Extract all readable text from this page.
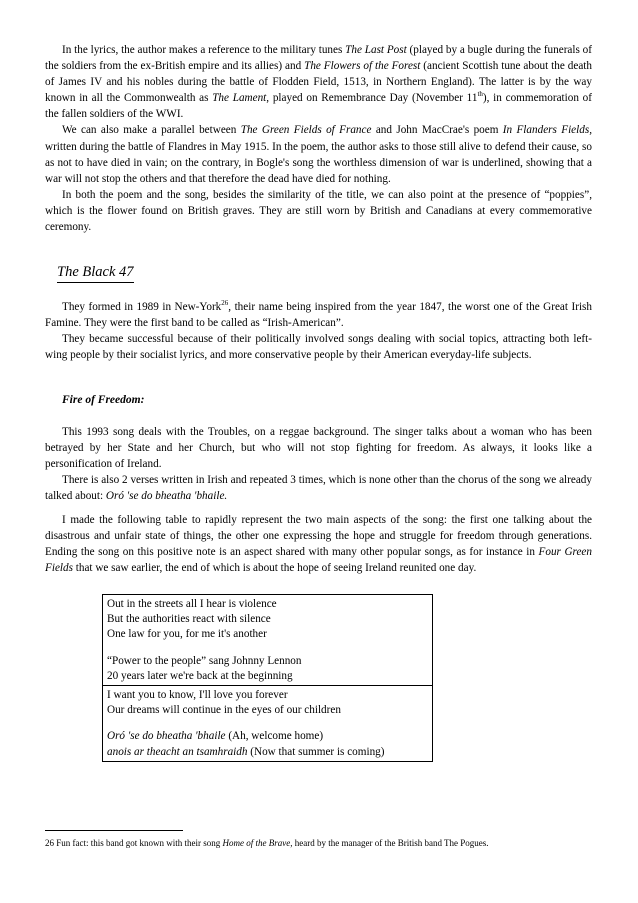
In the lyrics, the author makes a reference to the military tunes The Last Post (played by a bugle during the funerals of the soldiers from the ex-British empire and its allies) and The Flowers of the Forest (ancient Scottish tune about the death of James IV and his nobles during the battle of Flodden Field, 1513, in Northern England). The latter is by the way known in all the Commonwealth as The Lament, played on Remembrance Day (November 11th), in commemoration of the fallen soldiers of the WWI.

We can also make a parallel between The Green Fields of France and John MacCrae's poem In Flanders Fields, written during the battle of Flandres in May 1915. In the poem, the author asks to those still alive to defend their cause, so as not to have died in vain; on the contrary, in Bogle's song the worthless dimension of war is underlined, showing that a war will not stop the others and that therefore the dead have died for nothing.

In both the poem and the song, besides the similarity of the title, we can also point at the presence of “poppies”, which is the flower found on British graves. They are still worn by British and Canadians at every commemorative ceremony.

The Black 47

They formed in 1989 in New-York$^{26}$, their name being inspired from the year 1847, the worst one of the Great Irish Famine. They were the first band to be called as “Irish-American”.

They became successful because of their politically involved songs dealing with social topics, attracting both left-wing people by their socialist lyrics, and more conservative people by their American everyday-life subjects.

Fire of Freedom:

This 1993 song deals with the Troubles, on a reggae background. The singer talks about a woman who has been betrayed by her State and her Church, but who will not stop fighting for freedom. As always, it looks like a personification of Ireland.

There is also 2 verses written in Irish and repeated 3 times, which is none other than the chorus of the song we already talked about: Oró 'se do bheatha 'bhaile.

I made the following table to rapidly represent the two main aspects of the song: the first one talking about the disastrous and unfair state of things, the other one expressing the hope and struggle for freedom through generations. Ending the song on this positive note is an aspect shared with many other popular songs, as for instance in Four Green Fields that we saw earlier, the end of which is about the hope of seeing Ireland reunited one day.

Out in the streets all I hear is violence
But the authorities react with silence
One law for you, for me it's another
“Power to the people” sang Johnny Lennon
20 years later we're back at the beginning
I want you to know, I'll love you forever
Our dreams will continue in the eyes of our children
Oró 'se do bheatha 'bhaile (Ah, welcome home)
anois ar theacht an tsamhraidh (Now that summer is coming)
26 Fun fact: this band got known with their song Home of the Brave, heard by the manager of the British band The Pogues.
